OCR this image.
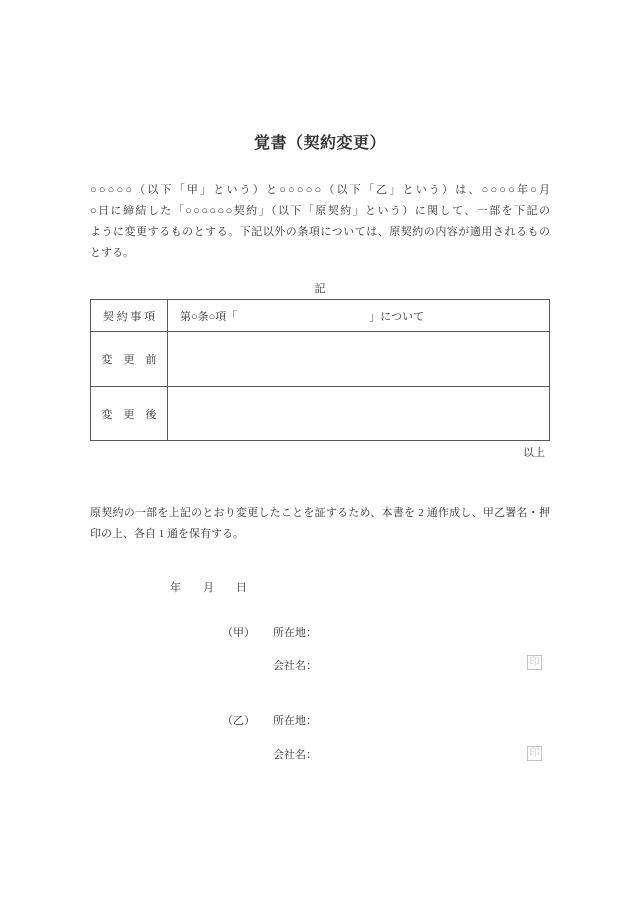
覚書（契約変更）
○○○○○（以下「甲」という）と○○○○○（以下「乙」という）は、○○○○年○月
○日に締結した「○○○○○○契約」（以下「原契約」という）に関して、一部を下記の
ように変更するものとする。下記以外の条項については、原契約の内容が適用されるもの
とする。
記
契 約 事 項	第○条○項「　　　　　　　　　　　　」について
変　更　前	
変　更　後	
以上
原契約の一部を上記のとおり変更したことを証するため、本書を 2 通作成し、甲乙署名・押
印の上、各自 1 通を保有する。
年　　月　　日
（甲） 所在地：
会社名：	印
（乙） 所在地：
会社名：	印
